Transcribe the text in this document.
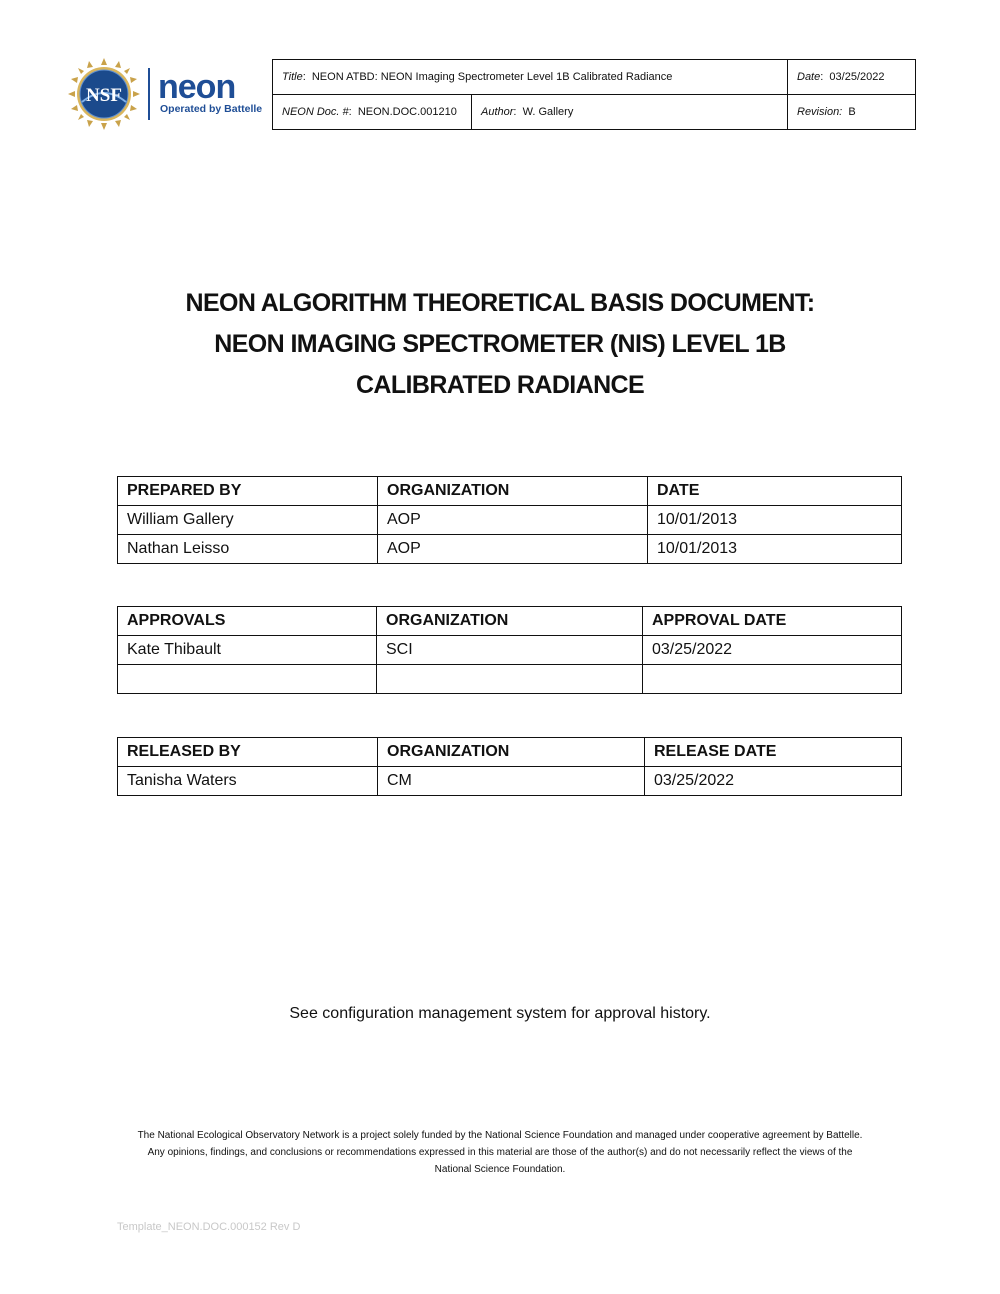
NSF neon
Operated by Battelle
Title:  NEON ATBD: NEON Imaging Spectrometer Level 1B Calibrated Radiance		Date:  03/25/2022
NEON Doc. #:  NEON.DOC.001210	Author:  W. Gallery	Revision: B
NEON ALGORITHM THEORETICAL BASIS DOCUMENT:
NEON IMAGING SPECTROMETER (NIS) LEVEL 1B
CALIBRATED RADIANCE
PREPARED BY	ORGANIZATION	DATE
William Gallery	AOP	10/01/2013
Nathan Leisso	AOP	10/01/2013
APPROVALS	ORGANIZATION	APPROVAL DATE
Kate Thibault	SCI	03/25/2022

RELEASED BY	ORGANIZATION	RELEASE DATE
Tanisha Waters	CM	03/25/2022
See configuration management system for approval history.
The National Ecological Observatory Network is a project solely funded by the National Science Foundation and managed under cooperative agreement by Battelle.
Any opinions, findings, and conclusions or recommendations expressed in this material are those of the author(s) and do not necessarily reflect the views of the
National Science Foundation.
Template_NEON.DOC.000152 Rev D
